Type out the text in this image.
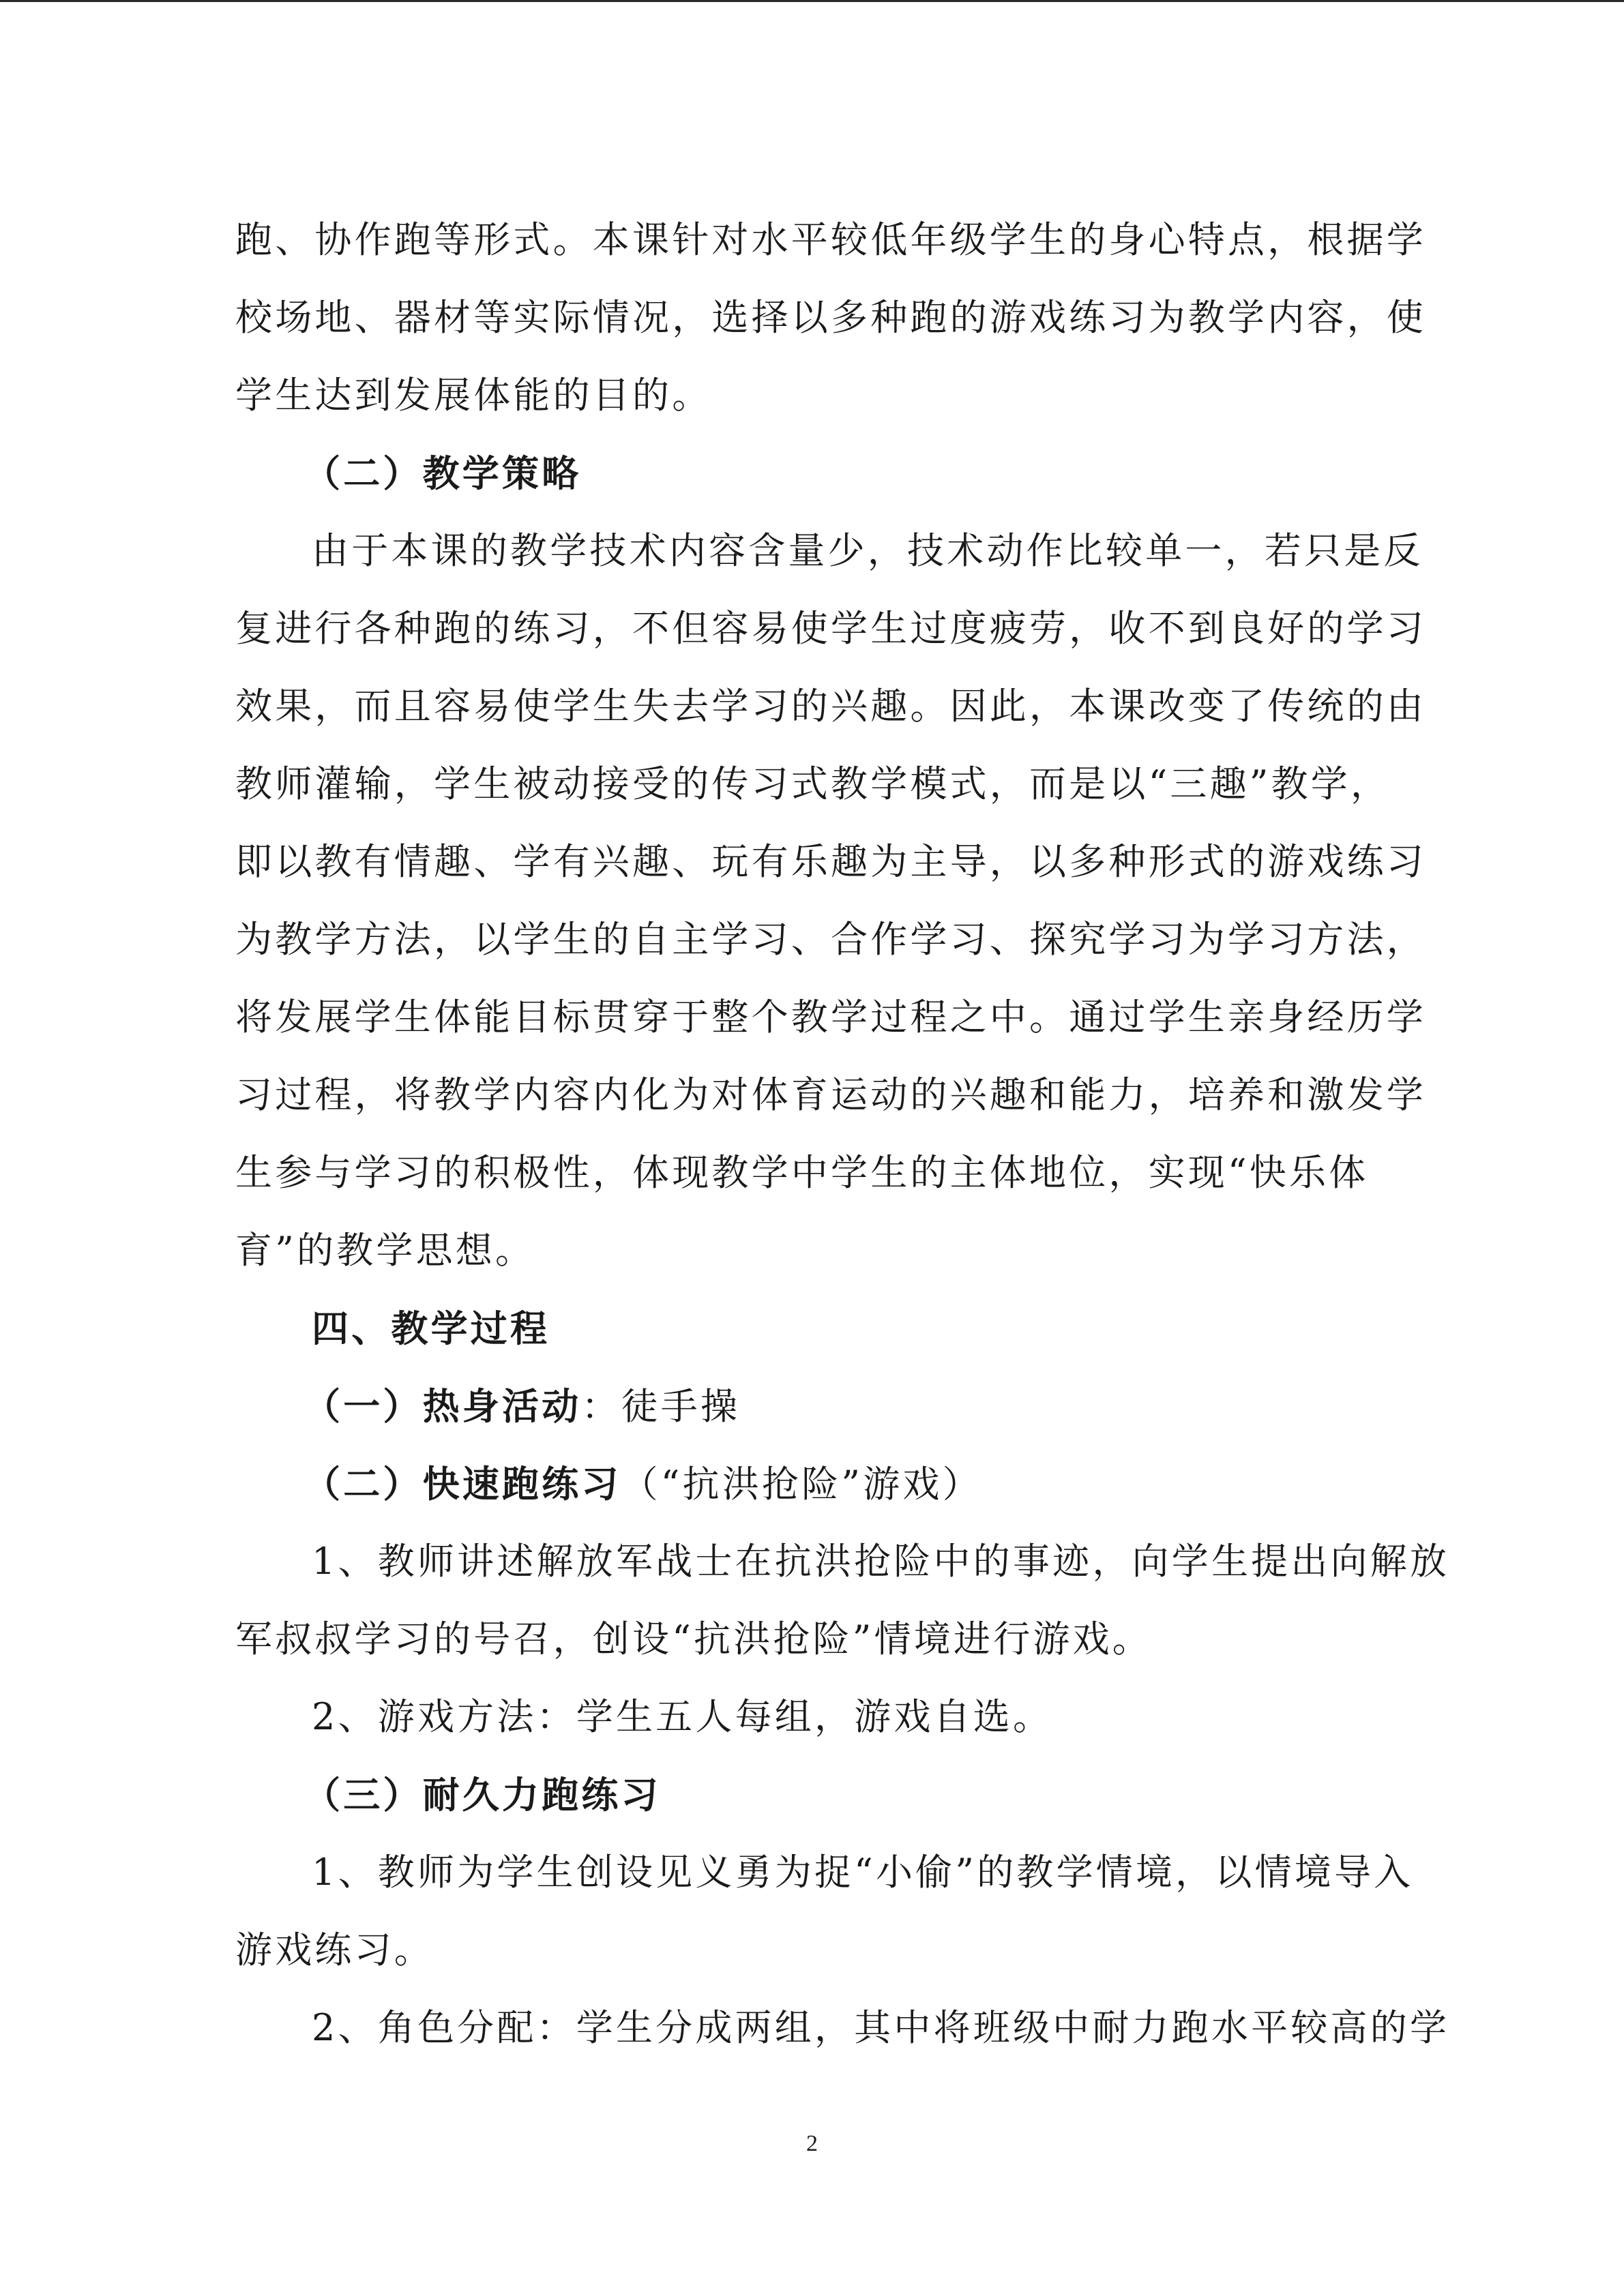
跑、协作跑等形式。本课针对水平较低年级学生的身心特点，根据学
校场地、器材等实际情况，选择以多种跑的游戏练习为教学内容，使
学生达到发展体能的目的。
（二）教学策略
由于本课的教学技术内容含量少，技术动作比较单一，若只是反
复进行各种跑的练习，不但容易使学生过度疲劳，收不到良好的学习
效果，而且容易使学生失去学习的兴趣。因此，本课改变了传统的由
教师灌输，学生被动接受的传习式教学模式，而是以“三趣”教学，
即以教有情趣、学有兴趣、玩有乐趣为主导，以多种形式的游戏练习
为教学方法，以学生的自主学习、合作学习、探究学习为学习方法，
将发展学生体能目标贯穿于整个教学过程之中。通过学生亲身经历学
习过程，将教学内容内化为对体育运动的兴趣和能力，培养和激发学
生参与学习的积极性，体现教学中学生的主体地位，实现“快乐体
育”的教学思想。
四、教学过程
（一）热身活动：徒手操
（二）快速跑练习（“抗洪抢险”游戏）
1、教师讲述解放军战士在抗洪抢险中的事迹，向学生提出向解放
军叔叔学习的号召，创设“抗洪抢险”情境进行游戏。
2、游戏方法：学生五人每组，游戏自选。
（三）耐久力跑练习
1、教师为学生创设见义勇为捉“小偷”的教学情境，以情境导入
游戏练习。
2、角色分配：学生分成两组，其中将班级中耐力跑水平较高的学
2
